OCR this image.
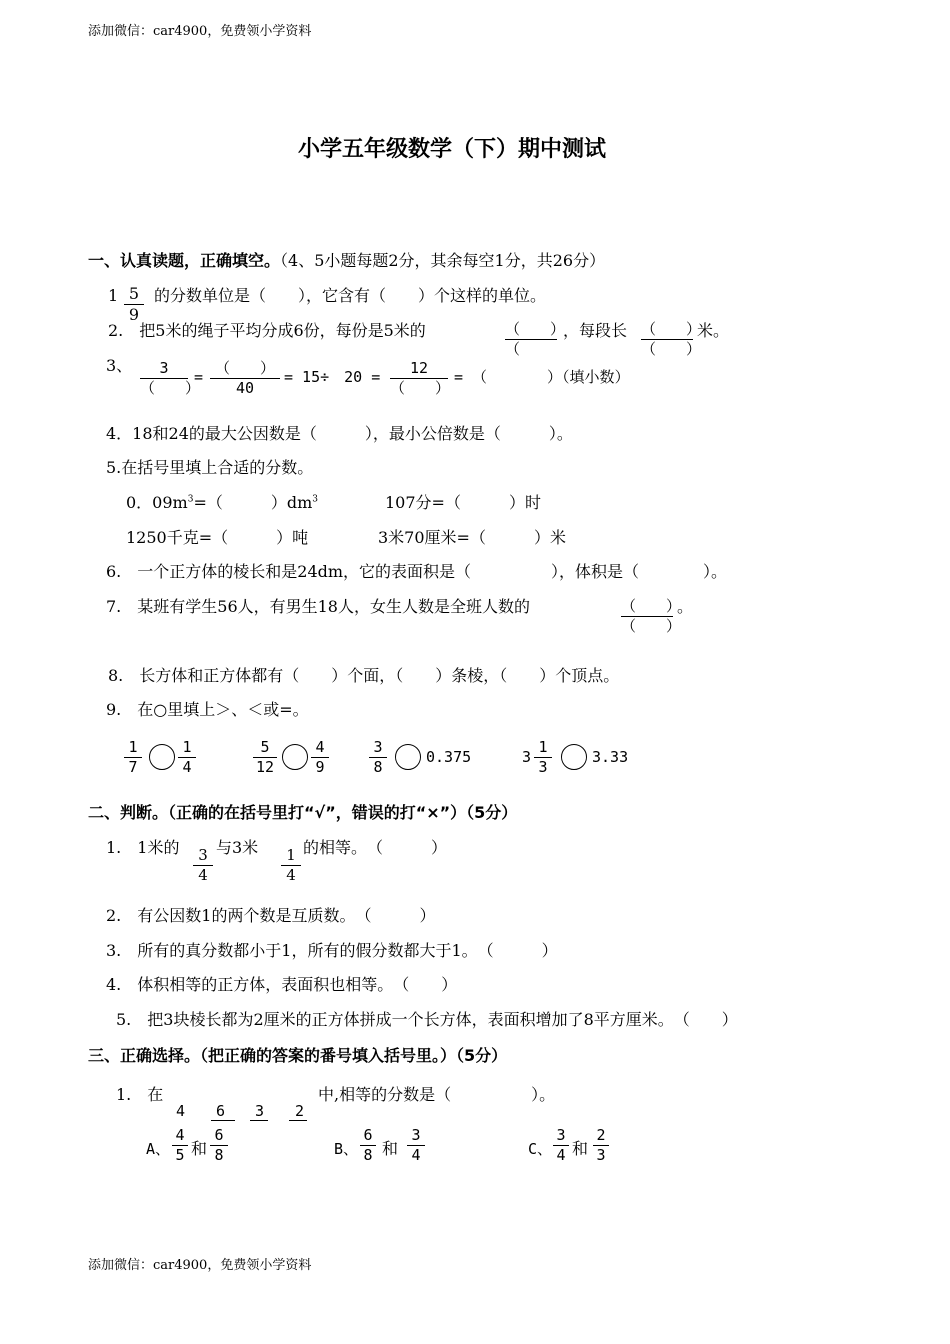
添加微信：car4900，免费领小学资料
小学五年级数学（下）期中测试
一、认真读题，正确填空。（4、5小题每题2分，其余每空1分，共26分）
$1 \frac{5}{9}$ 的分数单位是（　　），它含有（　　）个这样的单位。
2.　把5米的绳子平均分成6份，每份是5米的	（　　）
（
，每段长 （　　）
（　　）
米。
3、	3
（　　）
= （　　）
40
= 15÷　20 =	12
（　　）
= （　　　　）（填小数）
4．18和24的最大公因数是（　　　），最小公倍数是（　　　）。
5.在括号里填上合适的分数。
0．$09m^3=$（　　　）$dm^3$	107分=（　　　）时
1250千克=（　　　）吨	3米70厘米=（　　　）米
6.　一个正方体的棱长和是24dm，它的表面积是（　　　　　），体积是（　　　　）。
7.　某班有学生56人，有男生18人，女生人数是全班人数的	（　　）
（　　）
。
8.　长方体和正方体都有（　　）个面，（　　）条棱，（　　）个顶点。
9.　在○里填上＞、＜或=。
$\frac{1}{7} \frac{1}{4}$	$\frac{5}{12} \frac{4}{9}$	$\frac{3}{8}$	0.375	$3 \frac{1}{3}$	3.33
二、判断。（正确的在括号里打“√”，错误的打“×”）（5分）
1.　1米的
$\frac{3}{4}$
与3米
$\frac{1}{4}$
的相等。　（　　　）
2.　有公因数1的两个数是互质数。　（　　　）
3.　所有的真分数都小于1，所有的假分数都大于1。　（　　　）
4.　体积相等的正方体，表面积也相等。　（　　）
5.　把3块棱长都为2厘米的正方体拼成一个长方体，表面积增加了8平方厘米。　（　　）
三、正确选择。（把正确的答案的番号填入括号里。）（5分）
1.　在	中,相等的分数是（　　　　　）。
4 6 3 2
A、 $\frac{4}{5}$ 和 $\frac{6}{8}$	B、 $\frac{6}{8}$ 和 $\frac{3}{4}$	C、 $\frac{3}{4}$ 和 $\frac{2}{3}$
添加微信：car4900，免费领小学资料
